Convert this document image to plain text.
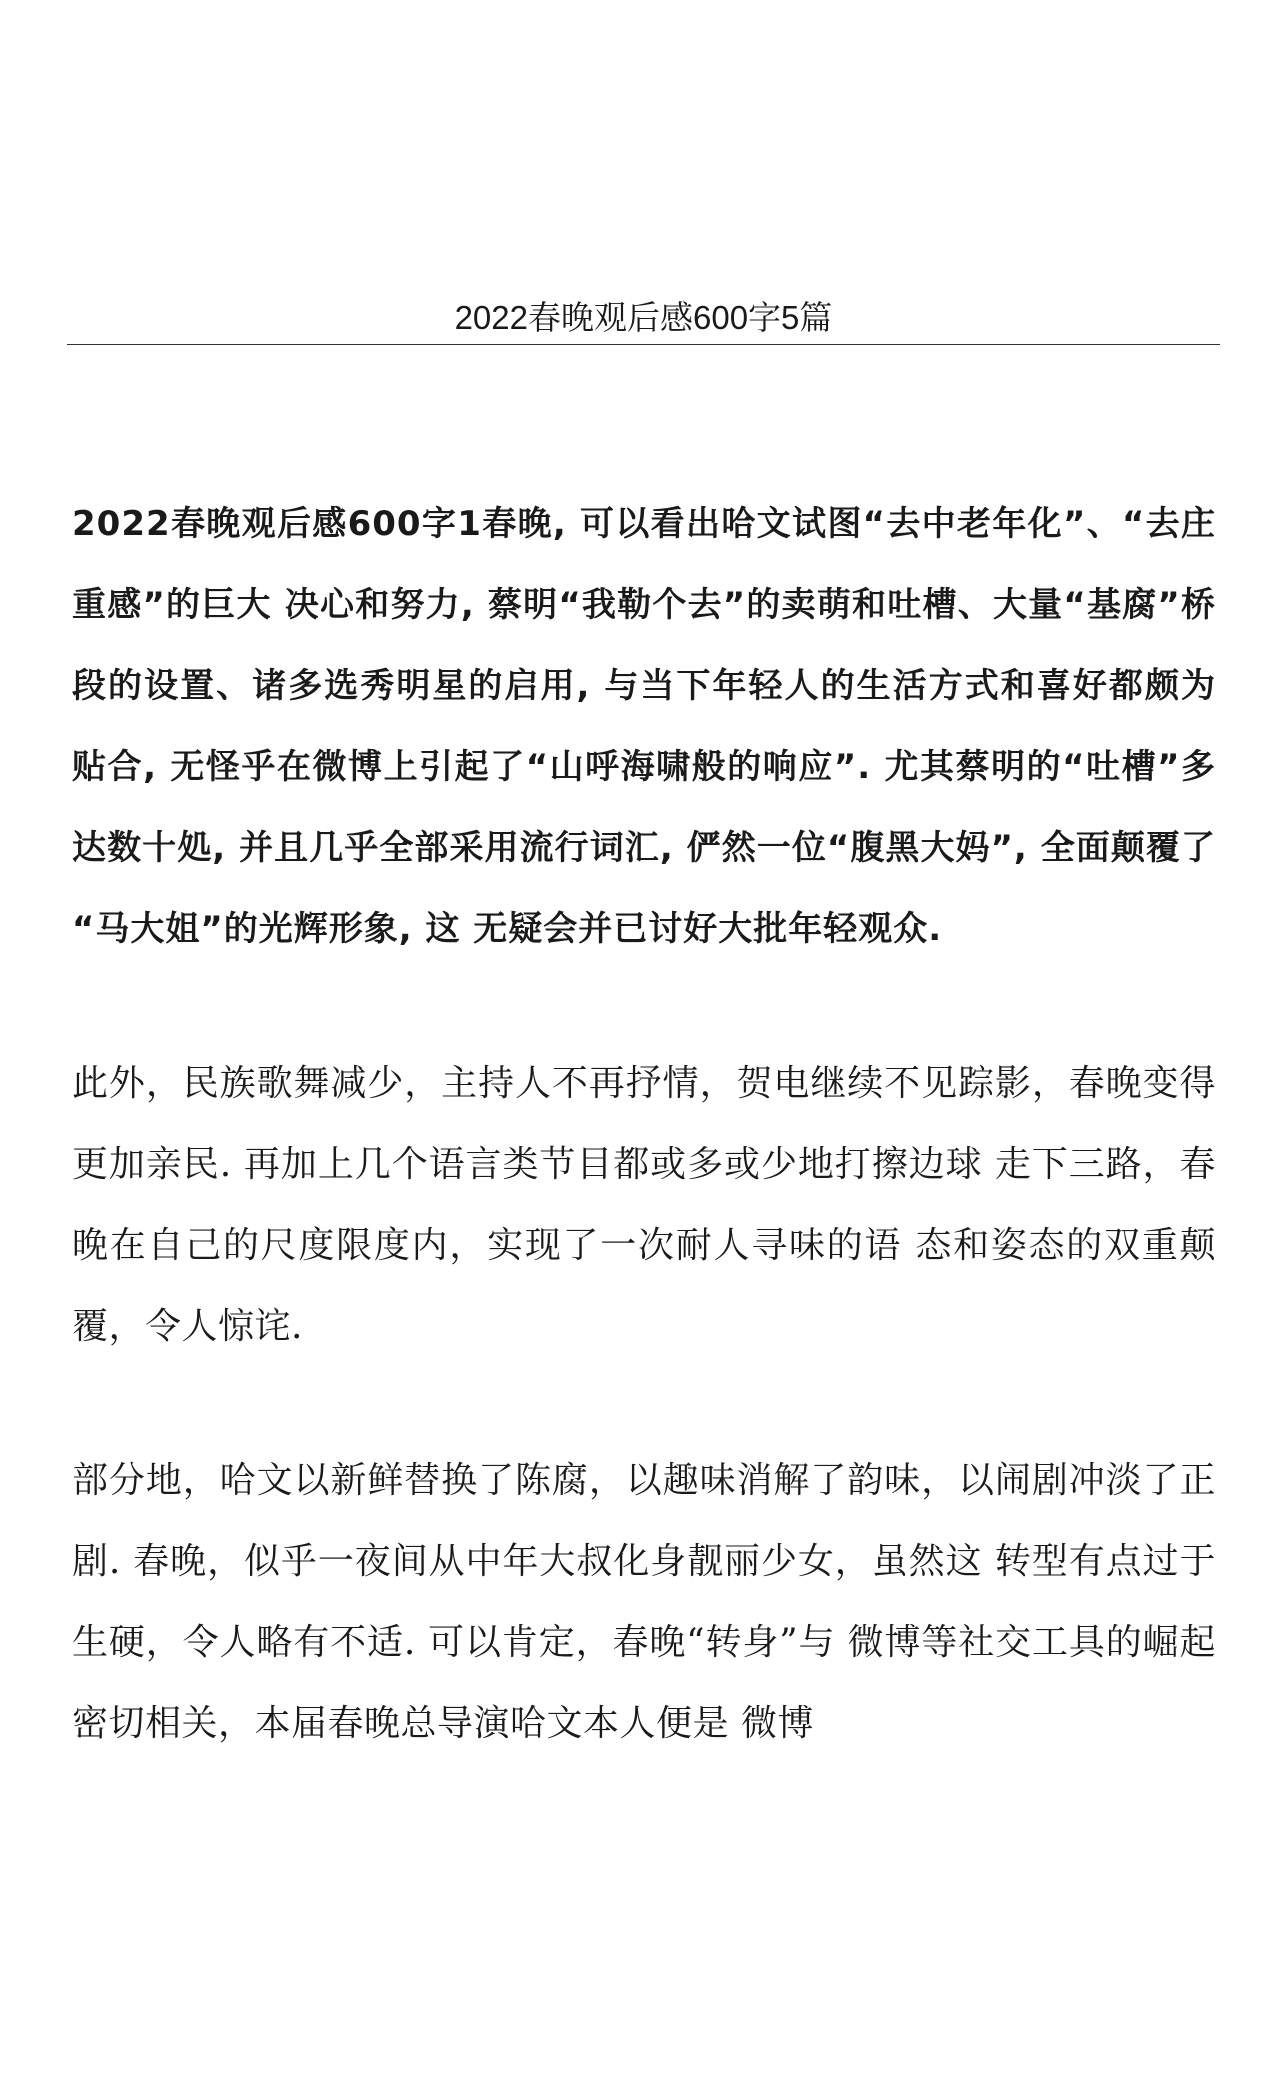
2022春晚观后感600字5篇

2022春晚观后感600字1春晚, 可以看出哈文试图“去中老年化”、“去庄重感”的巨大 决心和努力, 蔡明“我勒个去”的卖萌和吐槽、大量“基腐”桥 段的设置、诸多选秀明星的启用, 与当下年轻人的生活方式和喜好都颇为贴合, 无怪乎在微博上引起了“山呼海啸般的响应”. 尤其蔡明的“吐槽”多达数十処, 并且几乎全部采用流行词汇, 俨然一位“腹黑大妈”, 全面颠覆了 “马大姐”的光辉形象, 这 无疑会并已讨好大批年轻观众.

此外，民族歌舞减少，主持人不再抒情，贺电继续不见踪影，春晚变得更加亲民. 再加上几个语言类节目都或多或少地打擦边球 走下三路，春晚在自己的尺度限度内，实现了一次耐人寻味的语 态和姿态的双重颠覆，令人惊诧.

部分地，哈文以新鲜替换了陈腐，以趣味消解了韵味，以闹剧冲淡了正剧. 春晚，似乎一夜间从中年大叔化身靓丽少女，虽然这 转型有点过于生硬，令人略有不适. 可以肯定，春晚“转身”与 微博等社交工具的崛起密切相关，本届春晚总导演哈文本人便是 微博
